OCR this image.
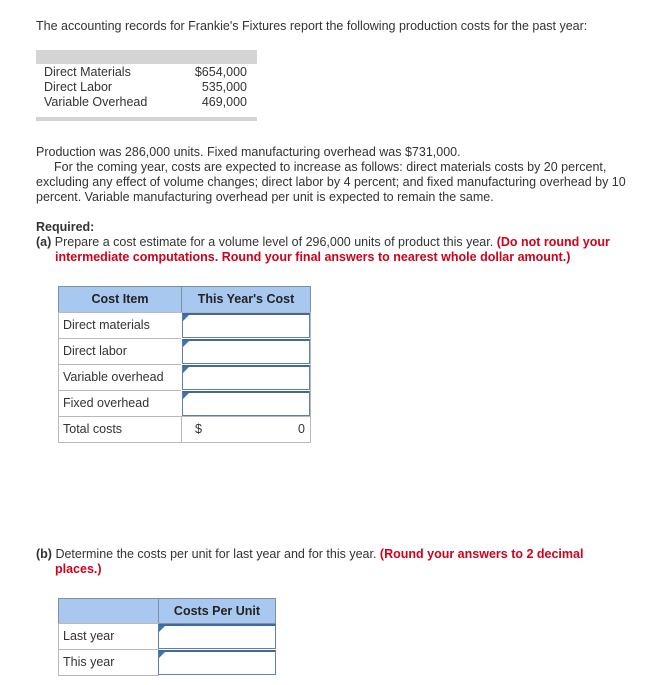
The accounting records for Frankie's Fixtures report the following production costs for the past year:
Direct Materials	$654,000
Direct Labor	535,000
Variable Overhead	469,000
Production was 286,000 units. Fixed manufacturing overhead was $731,000.
For the coming year, costs are expected to increase as follows: direct materials costs by 20 percent,
excluding any effect of volume changes; direct labor by 4 percent; and fixed manufacturing overhead by 10
percent. Variable manufacturing overhead per unit is expected to remain the same.
Required:
(a) Prepare a cost estimate for a volume level of 296,000 units of product this year. (Do not round your
intermediate computations. Round your final answers to nearest whole dollar amount.)
Cost Item	This Year's Cost
Direct materials
Direct labor
Variable overhead
Fixed overhead
Total costs	$	0
(b) Determine the costs per unit for last year and for this year. (Round your answers to 2 decimal
places.)
Costs Per Unit
Last year
This year
